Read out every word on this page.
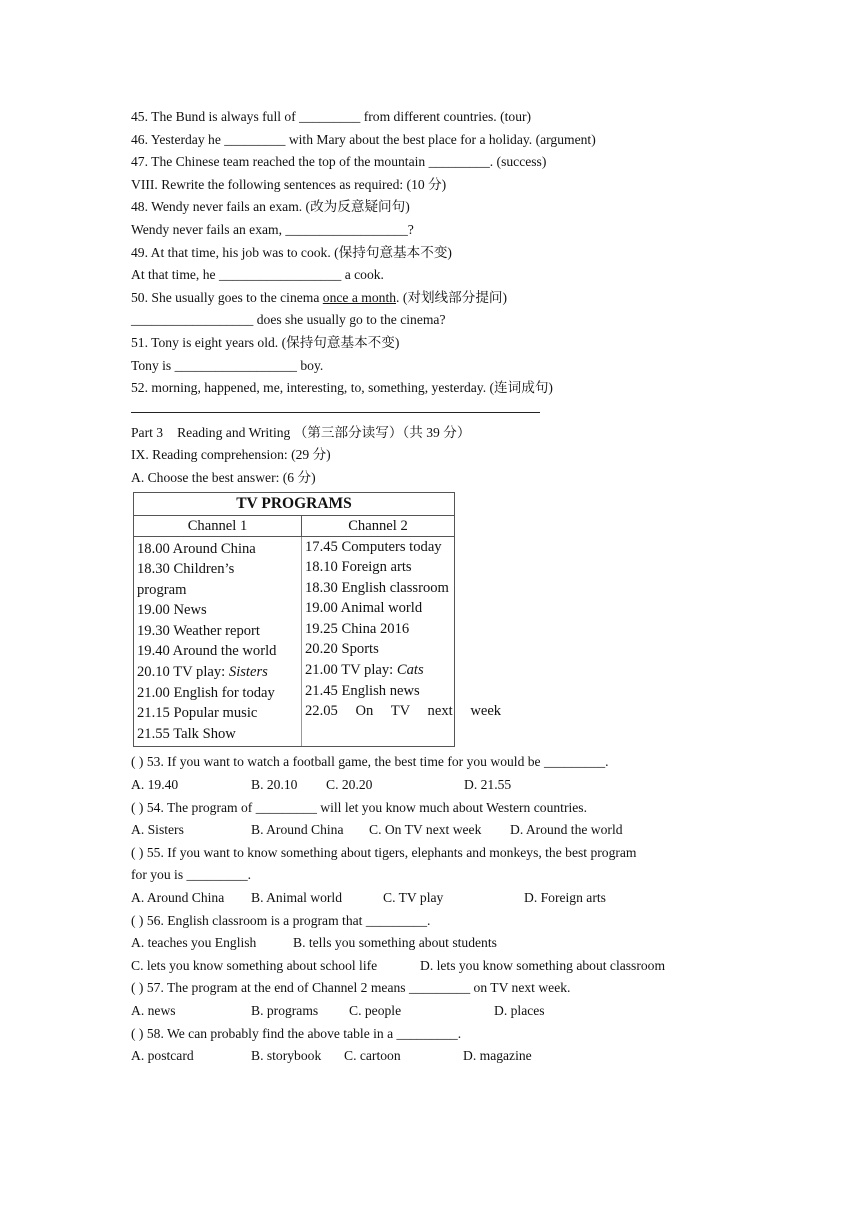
45. The Bund is always full of _________ from different countries. (tour)
46. Yesterday he _________ with Mary about the best place for a holiday. (argument)
47. The Chinese team reached the top of the mountain _________. (success)
VIII. Rewrite the following sentences as required: (10 分)
48. Wendy never fails an exam. (改为反意疑问句)
Wendy never fails an exam, __________________?
49. At that time, his job was to cook. (保持句意基本不变)
At that time, he __________________ a cook.
50. She usually goes to the cinema once a month. (对划线部分提问)
__________________ does she usually go to the cinema?
51. Tony is eight years old. (保持句意基本不变)
Tony is __________________ boy.
52. morning, happened, me, interesting, to, something, yesterday. (连词成句)
Part 3 Reading and Writing （第三部分读写）（共 39 分）
IX. Reading comprehension: (29 分)
A. Choose the best answer: (6 分)
TV PROGRAMS
Channel 1	Channel 2
18.00 Around China
18.30 Children’s
program
19.00 News
19.30 Weather report
19.40 Around the world
20.10 TV play: Sisters
21.00 English for today
21.15 Popular music
21.55 Talk Show
17.45 Computers today
18.10 Foreign arts
18.30 English classroom
19.00 Animal world
19.25 China 2016
20.20 Sports
21.00 TV play: Cats
21.45 English news
22.05 On TV next week
( ) 53. If you want to watch a football game, the best time for you would be _________.
A. 19.40	B. 20.10 C. 20.20	D. 21.55
( ) 54. The program of _________ will let you know much about Western countries.
A. Sisters	B. Around China C. On TV next week D. Around the world
( ) 55. If you want to know something about tigers, elephants and monkeys, the best program
for you is _________.
A. Around China B. Animal world	C. TV play	D. Foreign arts
( ) 56. English classroom is a program that _________.
A. teaches you English	B. tells you something about students
C. lets you know something about school life	D. lets you know something about classroom
( ) 57. The program at the end of Channel 2 means _________ on TV next week.
A. news	B. programs C. people	D. places
( ) 58. We can probably find the above table in a _________.
A. postcard	B. storybook C. cartoon	D. magazine
